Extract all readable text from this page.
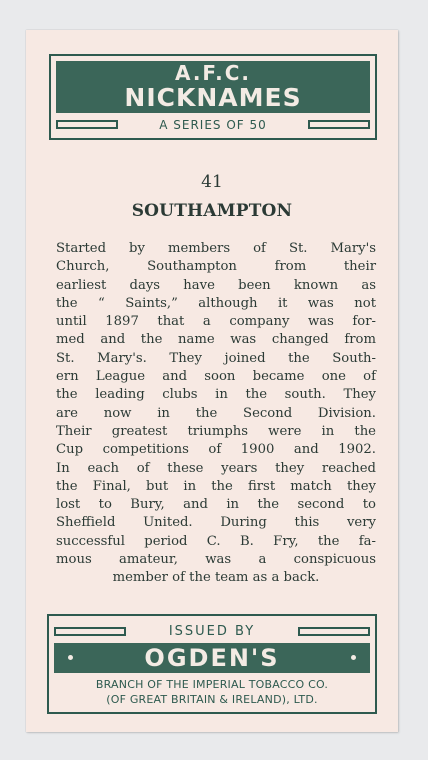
A.F.C.
NICKNAMES
A SERIES OF 50
41
SOUTHAMPTON
Started by members of St. Mary's
Church, Southampton from their
earliest days have been known as
the “ Saints,” although it was not
until 1897 that a company was for-
med and the name was changed from
St. Mary's. They joined the South-
ern League and soon became one of
the leading clubs in the south. They
are now in the Second Division.
Their greatest triumphs were in the
Cup competitions of 1900 and 1902.
In each of these years they reached
the Final, but in the first match they
lost to Bury, and in the second to
Sheffield United. During this very
successful period C. B. Fry, the fa-
mous amateur, was a conspicuous
member of the team as a back.
ISSUED BY
OGDEN'S
BRANCH OF THE IMPERIAL TOBACCO CO.
(OF GREAT BRITAIN & IRELAND), LTD.
